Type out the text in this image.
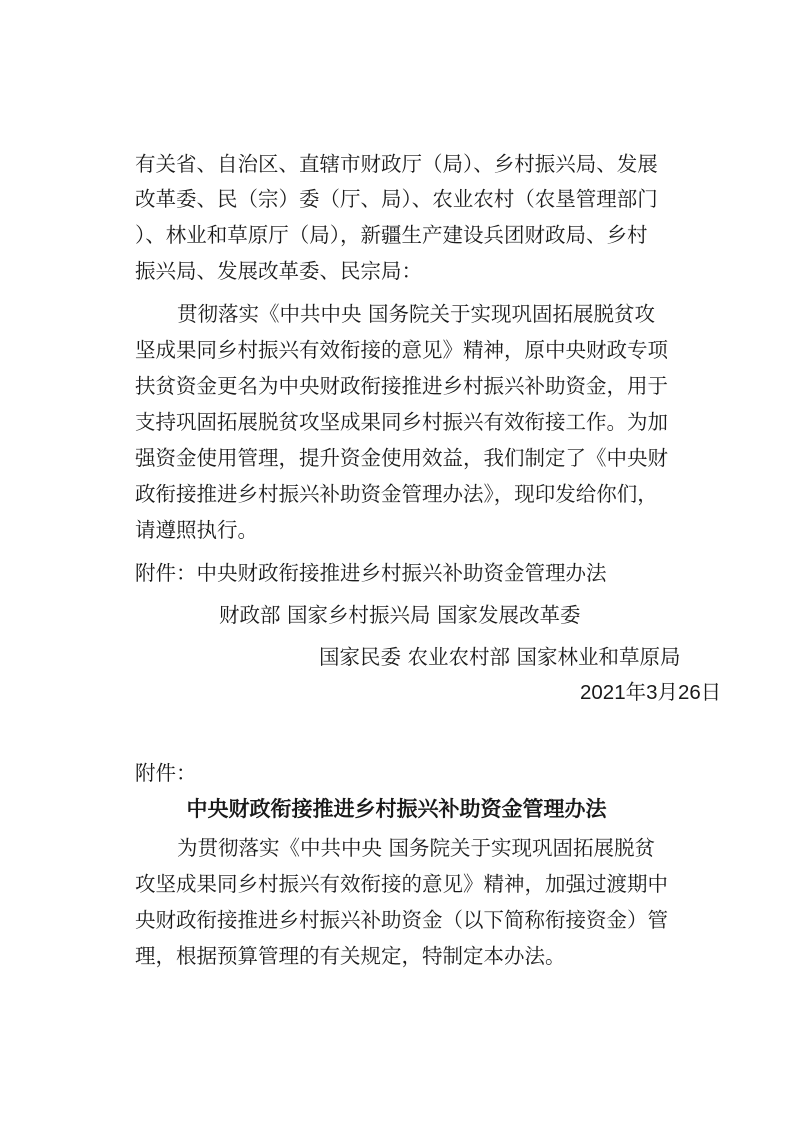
有关省、自治区、直辖市财政厅（局）、乡村振兴局、发展
改革委、民（宗）委（厅、局）、农业农村（农垦管理部门
）、林业和草原厅（局），新疆生产建设兵团财政局、乡村
振兴局、发展改革委、民宗局：
贯彻落实《中共中央 国务院关于实现巩固拓展脱贫攻
坚成果同乡村振兴有效衔接的意见》精神，原中央财政专项
扶贫资金更名为中央财政衔接推进乡村振兴补助资金，用于
支持巩固拓展脱贫攻坚成果同乡村振兴有效衔接工作。为加
强资金使用管理，提升资金使用效益，我们制定了《中央财
政衔接推进乡村振兴补助资金管理办法》，现印发给你们，
请遵照执行。
附件：中央财政衔接推进乡村振兴补助资金管理办法
财政部 国家乡村振兴局 国家发展改革委
国家民委 农业农村部 国家林业和草原局
2021年3月26日
附件：
中央财政衔接推进乡村振兴补助资金管理办法
为贯彻落实《中共中央 国务院关于实现巩固拓展脱贫
攻坚成果同乡村振兴有效衔接的意见》精神，加强过渡期中
央财政衔接推进乡村振兴补助资金（以下简称衔接资金）管
理，根据预算管理的有关规定，特制定本办法。
